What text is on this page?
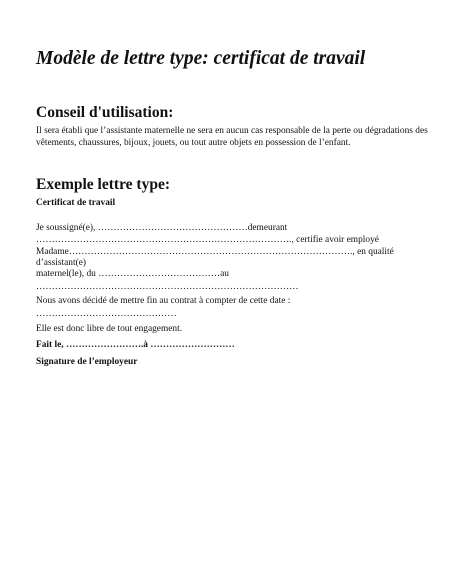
Modèle de lettre type: certificat de travail
Conseil d'utilisation:
Il sera établi que l’assistante maternelle ne sera en aucun cas responsable de la perte ou dégradations des vêtements, chaussures, bijoux, jouets, ou tout autre objets en possession de l’enfant.
Exemple lettre type:
Certificat de travail
Je soussigné(e), …………………………………………demeurant
………………………………………………………………………., certifie avoir employé
Madame………………………………………………………………………………., en qualité
d’assistant(e)
maternel(le), du …………………………………au
…………………………………………………………………………
Nous avons décidé de mettre fin au contrat à compter de cette date :
………………………………………
Elle est donc libre de tout engagement.
Fait le, …………………….à ………………………
Signature de l’employeur
